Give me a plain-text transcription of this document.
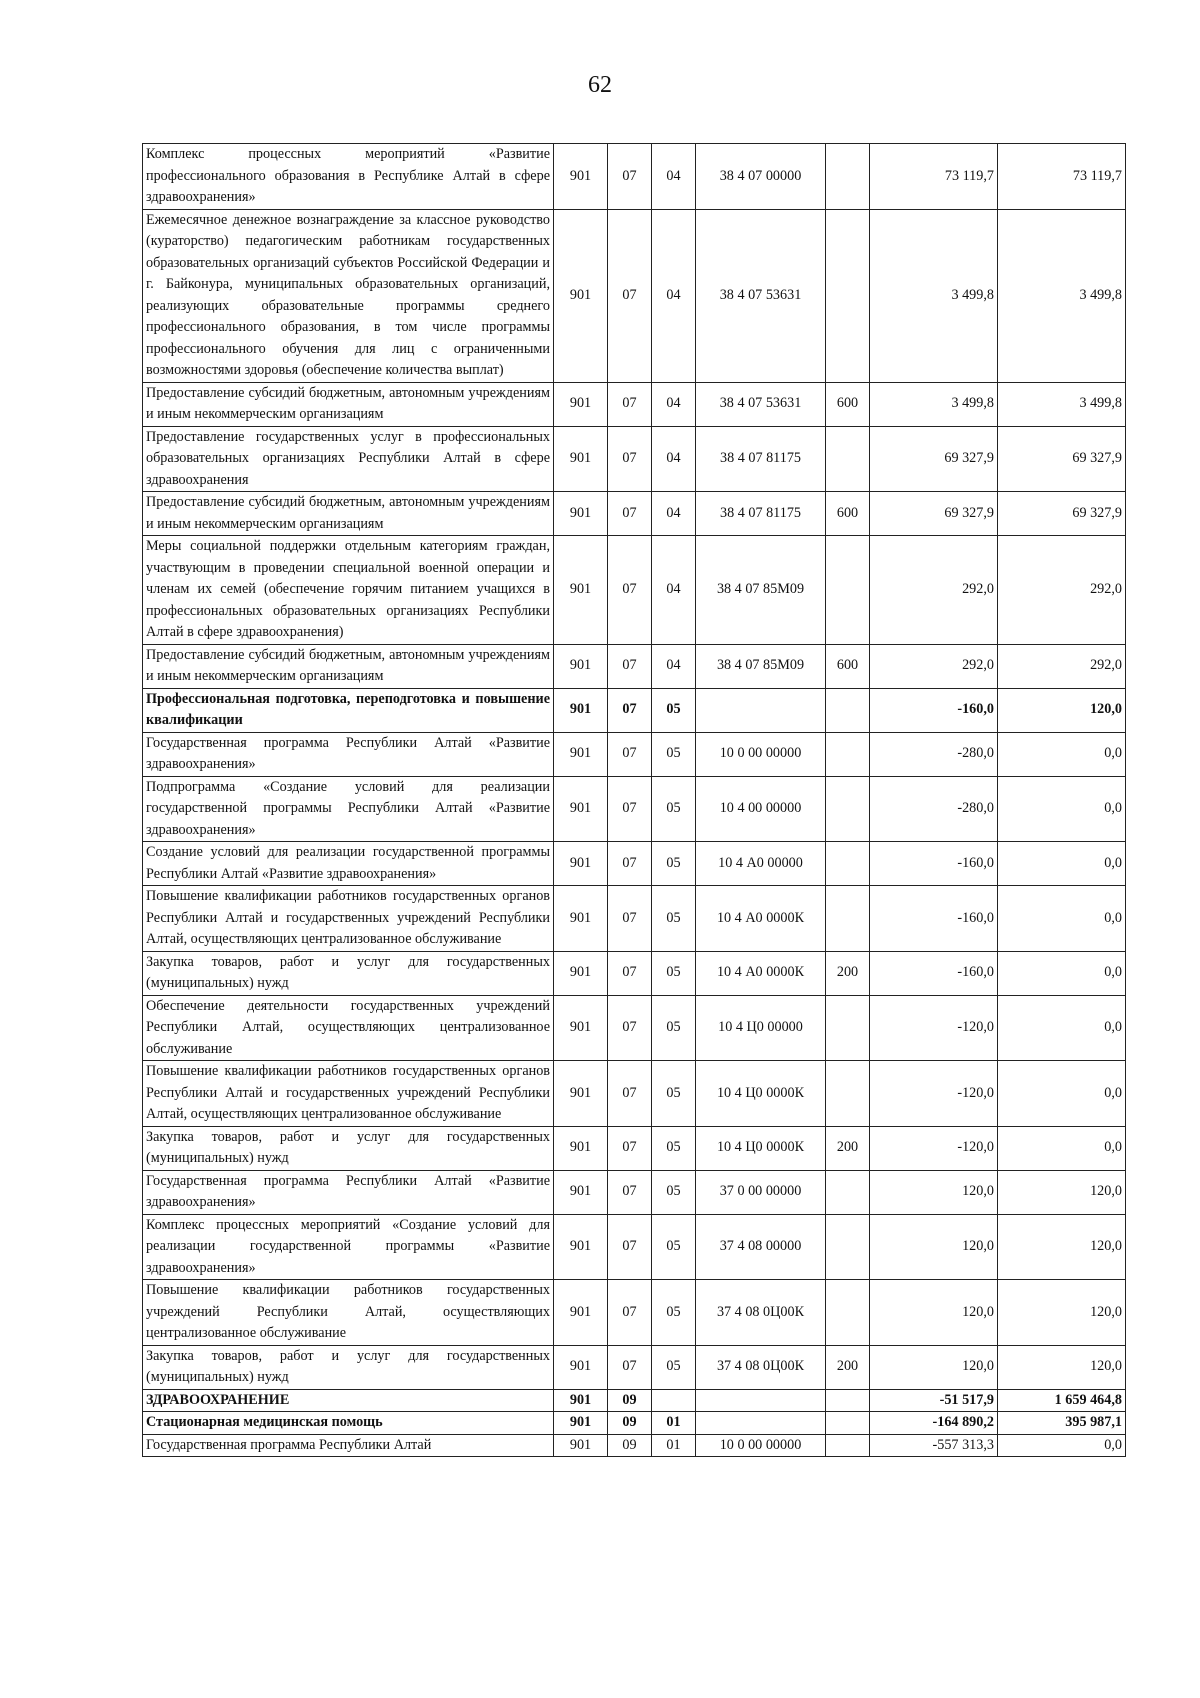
62
Комплекс процессных мероприятий «Развитие профессионального образования в Республике Алтай в сфере здравоохранения»	901	07	04	38 4 07 00000		73 119,7	73 119,7
Ежемесячное денежное вознаграждение за классное руководство (кураторство) педагогическим работникам государственных образовательных организаций субъектов Российской Федерации и г. Байконура, муниципальных образовательных организаций, реализующих образовательные программы среднего профессионального образования, в том числе программы профессионального обучения для лиц с ограниченными возможностями здоровья (обеспечение количества выплат)	901	07	04	38 4 07 53631		3 499,8	3 499,8
Предоставление субсидий бюджетным, автономным учреждениям и иным некоммерческим организациям	901	07	04	38 4 07 53631	600	3 499,8	3 499,8
Предоставление государственных услуг в профессиональных образовательных организациях Республики Алтай в сфере здравоохранения	901	07	04	38 4 07 81175		69 327,9	69 327,9
Предоставление субсидий бюджетным, автономным учреждениям и иным некоммерческим организациям	901	07	04	38 4 07 81175	600	69 327,9	69 327,9
Меры социальной поддержки отдельным категориям граждан, участвующим в проведении специальной военной операции и членам их семей (обеспечение горячим питанием учащихся в профессиональных образовательных организациях Республики Алтай в сфере здравоохранения)	901	07	04	38 4 07 85М09		292,0	292,0
Предоставление субсидий бюджетным, автономным учреждениям и иным некоммерческим организациям	901	07	04	38 4 07 85М09	600	292,0	292,0
Профессиональная подготовка, переподготовка и повышение квалификации	901	07	05			-160,0	120,0
Государственная программа Республики Алтай «Развитие здравоохранения»	901	07	05	10 0 00 00000		-280,0	0,0
Подпрограмма «Создание условий для реализации государственной программы Республики Алтай «Развитие здравоохранения»	901	07	05	10 4 00 00000		-280,0	0,0
Создание условий для реализации государственной программы Республики Алтай «Развитие здравоохранения»	901	07	05	10 4 А0 00000		-160,0	0,0
Повышение квалификации работников государственных органов Республики Алтай и государственных учреждений Республики Алтай, осуществляющих централизованное обслуживание	901	07	05	10 4 А0 0000К		-160,0	0,0
Закупка товаров, работ и услуг для государственных (муниципальных) нужд	901	07	05	10 4 А0 0000К	200	-160,0	0,0
Обеспечение деятельности государственных учреждений Республики Алтай, осуществляющих централизованное обслуживание	901	07	05	10 4 Ц0 00000		-120,0	0,0
Повышение квалификации работников государственных органов Республики Алтай и государственных учреждений Республики Алтай, осуществляющих централизованное обслуживание	901	07	05	10 4 Ц0 0000К		-120,0	0,0
Закупка товаров, работ и услуг для государственных (муниципальных) нужд	901	07	05	10 4 Ц0 0000К	200	-120,0	0,0
Государственная программа Республики Алтай «Развитие здравоохранения»	901	07	05	37 0 00 00000		120,0	120,0
Комплекс процессных мероприятий «Создание условий для реализации государственной программы «Развитие здравоохранения»	901	07	05	37 4 08 00000		120,0	120,0
Повышение квалификации работников государственных учреждений Республики Алтай, осуществляющих централизованное обслуживание	901	07	05	37 4 08 0Ц00К		120,0	120,0
Закупка товаров, работ и услуг для государственных (муниципальных) нужд	901	07	05	37 4 08 0Ц00К	200	120,0	120,0
ЗДРАВООХРАНЕНИЕ	901	09				-51 517,9	1 659 464,8
Стационарная медицинская помощь	901	09	01			-164 890,2	395 987,1
Государственная программа Республики Алтай	901	09	01	10 0 00 00000		-557 313,3	0,0
